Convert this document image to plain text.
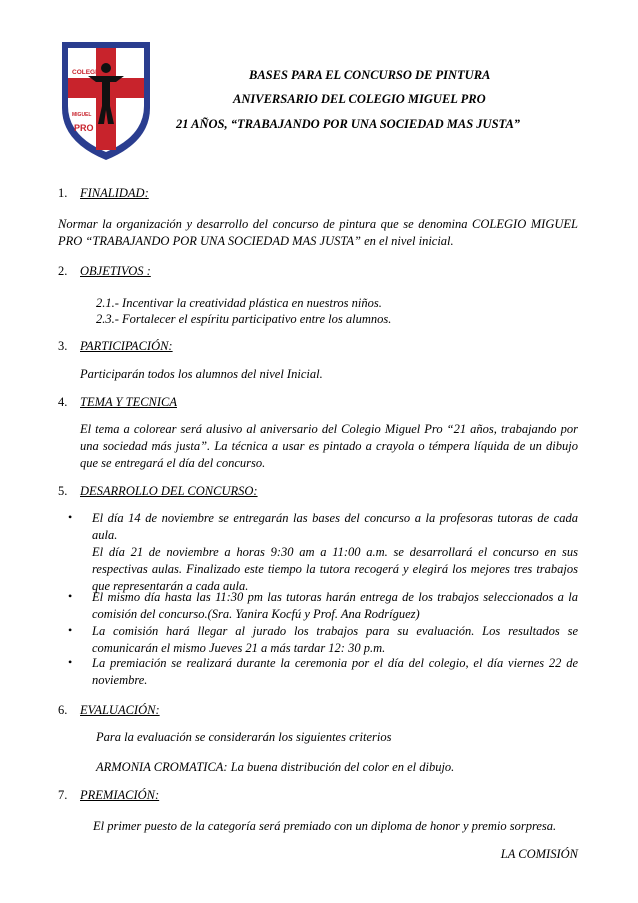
COLEGIO
MIGUEL
PRO
BASES PARA EL CONCURSO DE PINTURA
ANIVERSARIO DEL COLEGIO MIGUEL PRO
21 AÑOS, “TRABAJANDO POR UNA SOCIEDAD MAS JUSTA”
1. FINALIDAD:
Normar la organización y desarrollo del concurso de pintura que se denomina COLEGIO MIGUEL PRO “TRABAJANDO POR UNA SOCIEDAD MAS JUSTA” en el nivel inicial.
2. OBJETIVOS :
2.1.- Incentivar la creatividad plástica en nuestros niños.
2.3.- Fortalecer el espíritu participativo entre los alumnos.
3. PARTICIPACIÓN:
Participarán todos los alumnos del nivel Inicial.
4. TEMA Y TECNICA
El tema a colorear será alusivo al aniversario del Colegio Miguel Pro “21 años, trabajando por una sociedad más justa”. La técnica a usar es pintado a crayola o témpera líquida de un dibujo que se entregará el día del concurso.
5. DESARROLLO DEL CONCURSO:
• El día 14 de noviembre se entregarán las bases del concurso a la profesoras tutoras de cada aula.
El día 21 de noviembre a horas 9:30 am a 11:00 a.m. se desarrollará el concurso en sus respectivas aulas. Finalizado este tiempo la tutora recogerá y elegirá los mejores tres trabajos que representarán a cada aula.
• El mismo día hasta las 11:30 pm las tutoras harán entrega de los trabajos seleccionados a la comisión del concurso.(Sra. Yanira Kocfú y Prof. Ana Rodríguez)
• La comisión hará llegar al jurado los trabajos para su evaluación. Los resultados se comunicarán el mismo Jueves 21 a más tardar 12: 30 p.m.
• La premiación se realizará durante la ceremonia por el día del colegio, el día viernes 22 de noviembre.
6. EVALUACIÓN:
Para la evaluación se considerarán los siguientes criterios
ARMONIA CROMATICA: La buena distribución del color en el dibujo.
7. PREMIACIÓN:
El primer puesto de la categoría será premiado con un diploma de honor y premio sorpresa.
LA COMISIÓN
